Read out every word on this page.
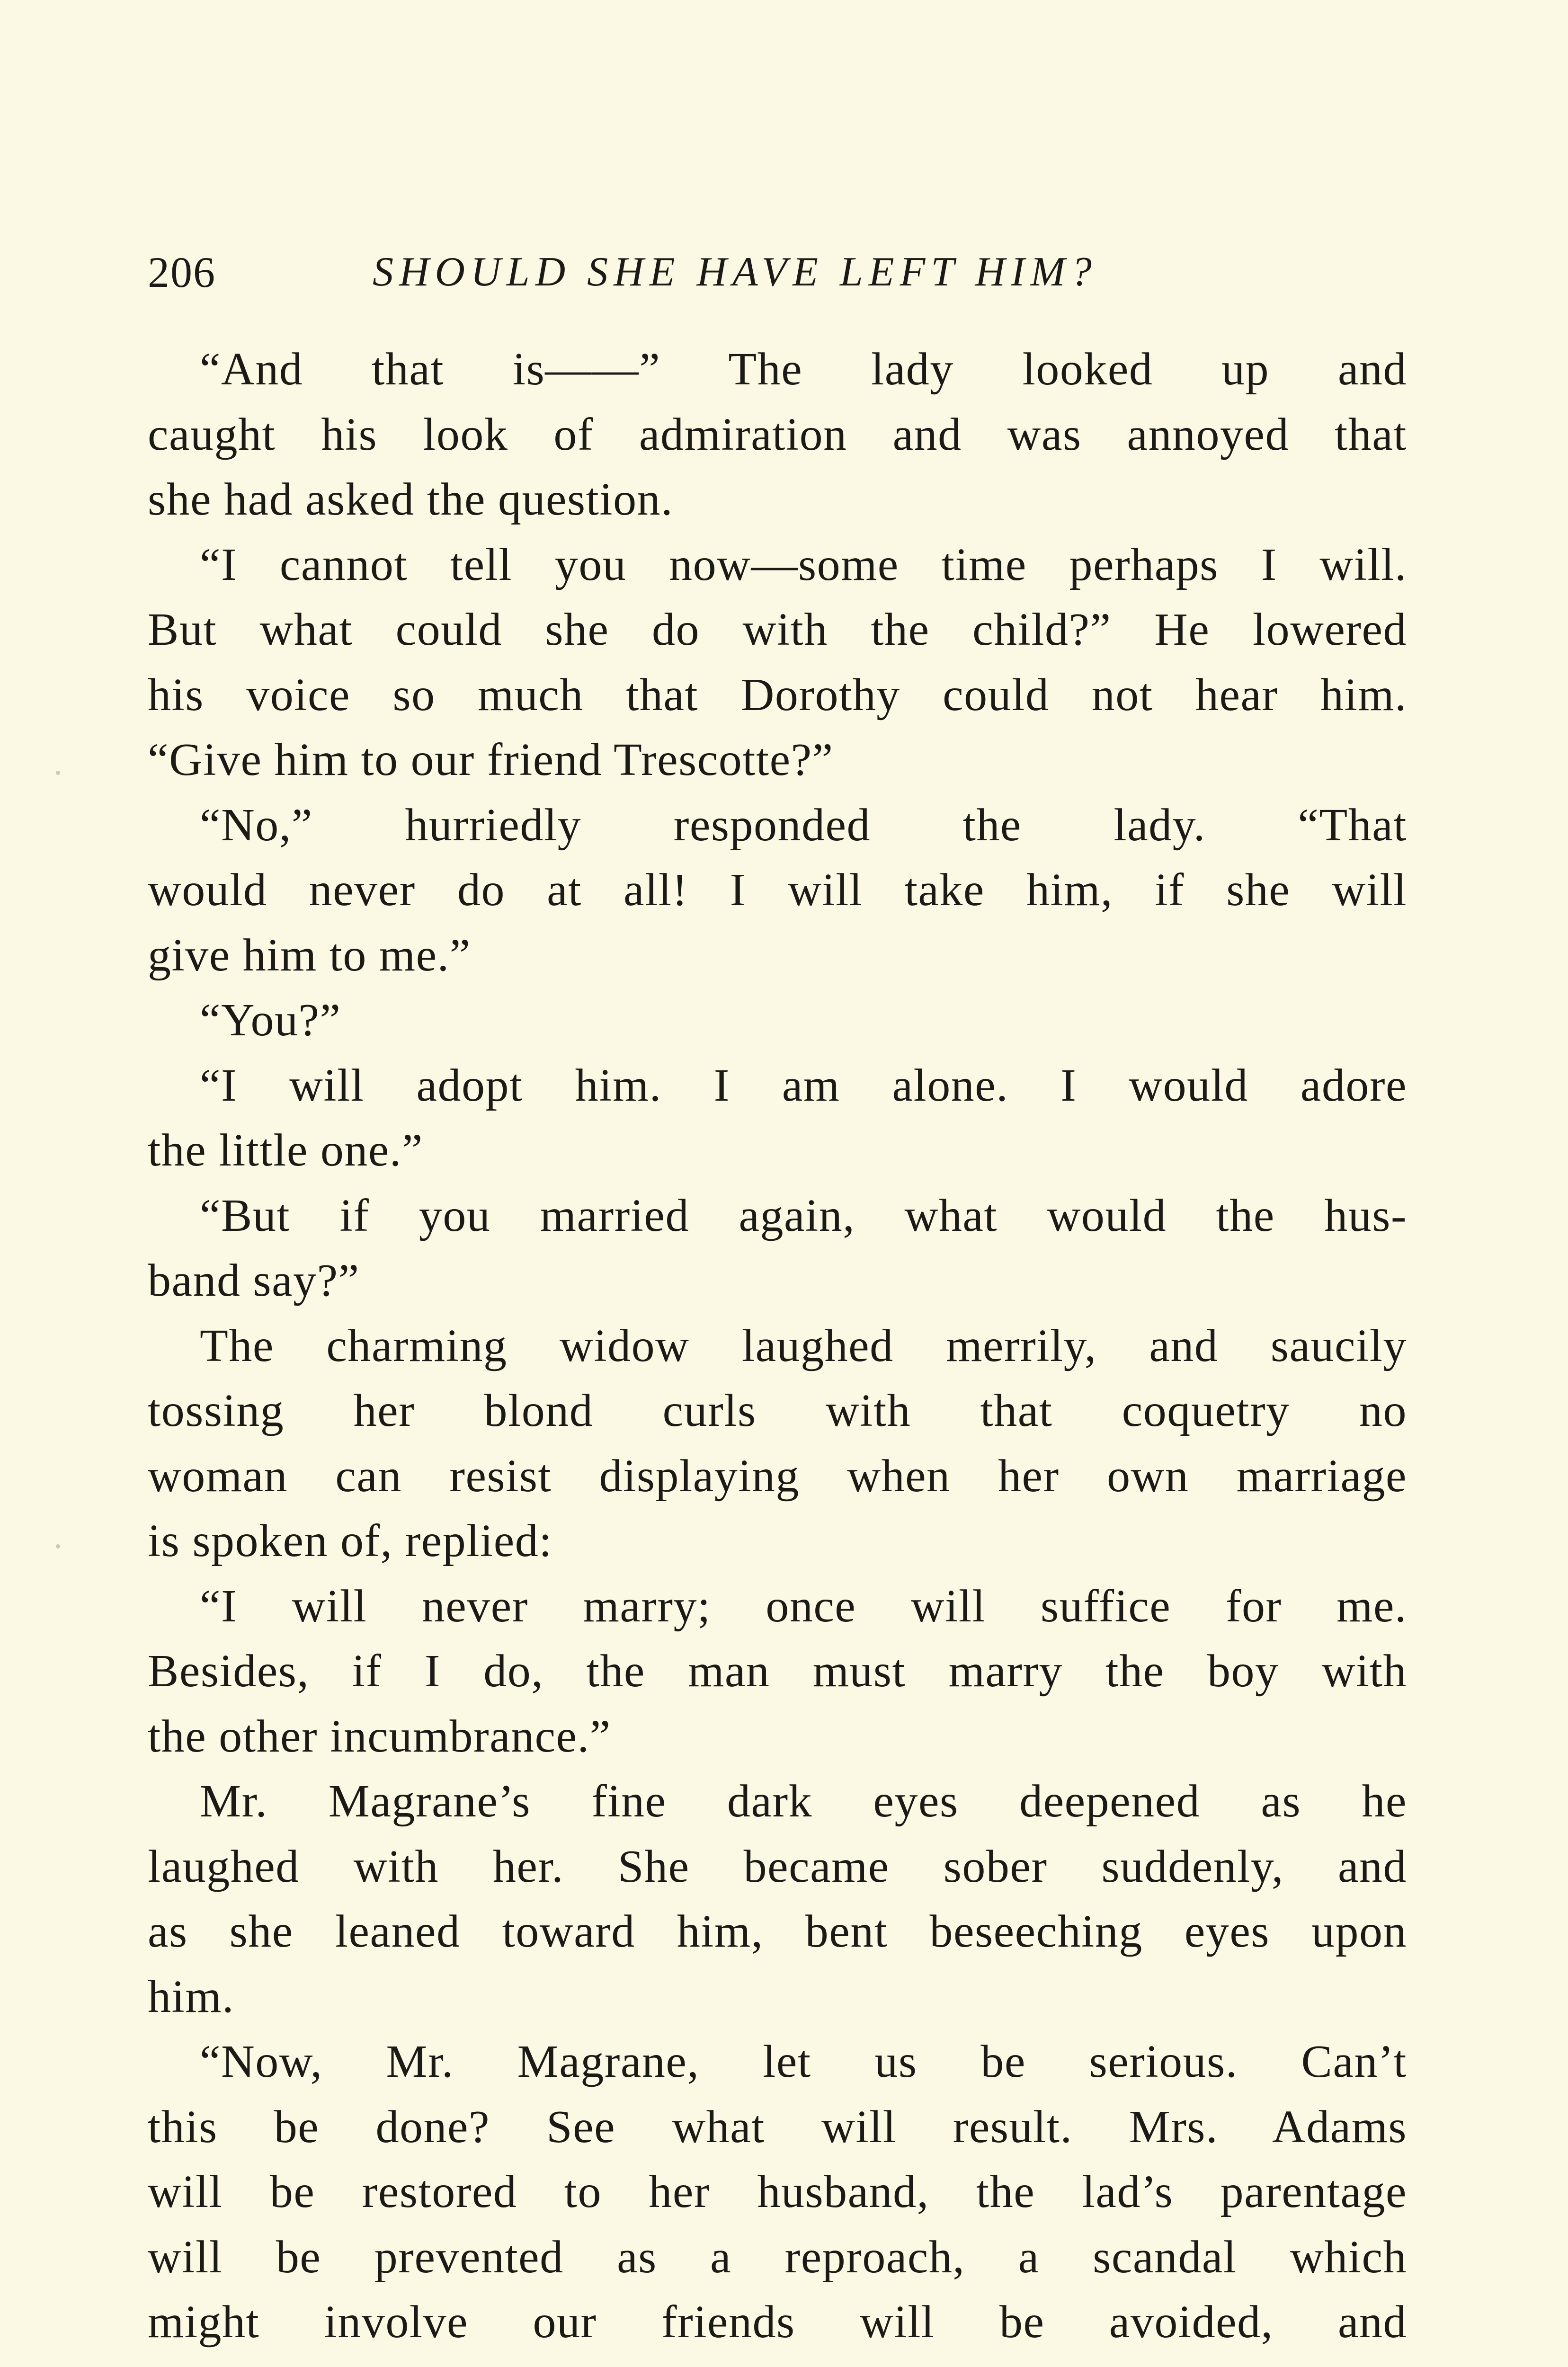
206	SHOULD SHE HAVE LEFT HIM?
“And that is——” The lady looked up and
caught his look of admiration and was annoyed that
she had asked the question.
“I cannot tell you now—some time perhaps I will.
But what could she do with the child?” He lowered
his voice so much that Dorothy could not hear him.
“Give him to our friend Trescotte?”
“No,” hurriedly responded the lady. “That
would never do at all! I will take him, if she will
give him to me.”
“You?”
“I will adopt him. I am alone. I would adore
the little one.”
“But if you married again, what would the hus-
band say?”
The charming widow laughed merrily, and saucily
tossing her blond curls with that coquetry no
woman can resist displaying when her own marriage
is spoken of, replied:
“I will never marry; once will suffice for me.
Besides, if I do, the man must marry the boy with
the other incumbrance.”
Mr. Magrane’s fine dark eyes deepened as he
laughed with her. She became sober suddenly, and
as she leaned toward him, bent beseeching eyes upon
him.
“Now, Mr. Magrane, let us be serious. Can’t
this be done? See what will result. Mrs. Adams
will be restored to her husband, the lad’s parentage
will be prevented as a reproach, a scandal which
might involve our friends will be avoided, and
